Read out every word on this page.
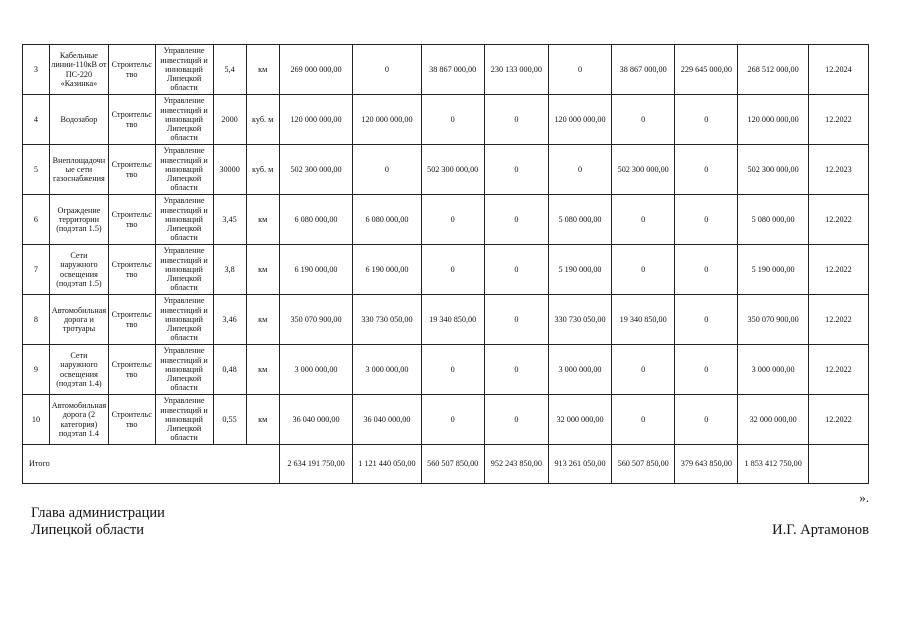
3	Кабельные линии-110кВ от ПС-220 «Казинка»	Строительство	Управление инвестиций и инноваций Липецкой области	5,4	км	269 000 000,00	0	38 867 000,00	230 133 000,00	0	38 867 000,00	229 645 000,00	268 512 000,00	12.2024
4	Водозабор	Строительство	Управление инвестиций и инноваций Липецкой области	2000	куб. м	120 000 000,00	120 000 000,00	0	0	120 000 000,00	0	0	120 000 000,00	12.2022
5	Внеплощадочные сети газоснабжения	Строительство	Управление инвестиций и инноваций Липецкой области	30000	куб. м	502 300 000,00	0	502 300 000,00	0	0	502 300 000,00	0	502 300 000,00	12.2023
6	Ограждение территории (подэтап 1.5)	Строительство	Управление инвестиций и инноваций Липецкой области	3,45	км	6 080 000,00	6 080 000,00	0	0	5 080 000,00	0	0	5 080 000,00	12.2022
7	Сети наружного освещения (подэтап 1.5)	Строительство	Управление инвестиций и инноваций Липецкой области	3,8	км	6 190 000,00	6 190 000,00	0	0	5 190 000,00	0	0	5 190 000,00	12.2022
8	Автомобильная дорога и тротуары	Строительство	Управление инвестиций и инноваций Липецкой области	3,46	км	350 070 900,00	330 730 050,00	19 340 850,00	0	330 730 050,00	19 340 850,00	0	350 070 900,00	12.2022
9	Сети наружного освещения (подэтап 1.4)	Строительство	Управление инвестиций и инноваций Липецкой области	0,48	км	3 000 000,00	3 000 000,00	0	0	3 000 000,00	0	0	3 000 000,00	12.2022
10	Автомобильная дорога (2 категория) подэтап 1.4	Строительство	Управление инвестиций и инноваций Липецкой области	0,55	км	36 040 000,00	36 040 000,00	0	0	32 000 000,00	0	0	32 000 000,00	12.2022
Итого						2 634 191 750,00	1 121 440 050,00	560 507 850,00	952 243 850,00	913 261 050,00	560 507 850,00	379 643 850,00	1 853 412 750,00	
».
Глава администрации
Липецкой области	И.Г. Артамонов
